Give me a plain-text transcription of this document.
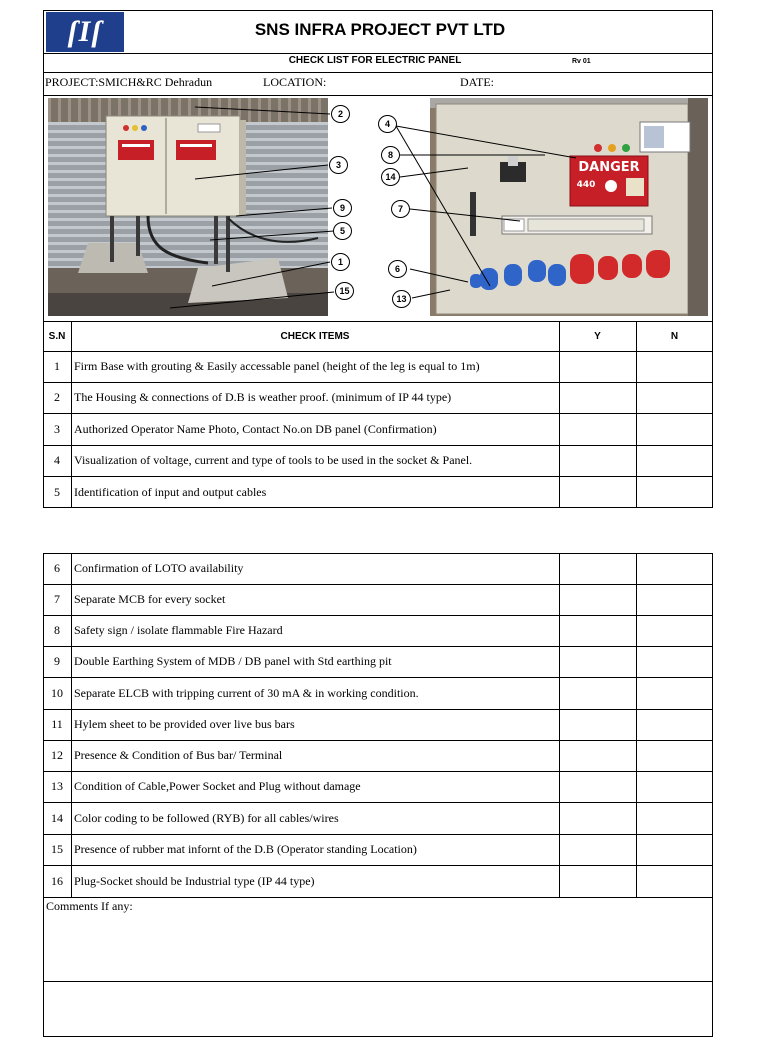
ſIſ	SNS INFRA PROJECT PVT LTD
CHECK LIST FOR ELECTRIC PANEL	Rv 01
PROJECT:SMICH&RC Dehradun	LOCATION:	DATE:
DANGER
440
2
3
9
5
1
15
4
8
14
7
6
13
S.N	CHECK ITEMS	Y	N
1	Firm Base with grouting & Easily accessable panel (height of the leg is equal to 1m)
2	The Housing & connections of D.B is weather proof. (minimum of IP 44 type)
3	Authorized Operator Name Photo, Contact No.on DB panel (Confirmation)
4	Visualization of voltage, current and type of tools to be used in the socket & Panel.
5	Identification of input and output cables
6	Confirmation of LOTO availability
7	Separate MCB for every socket
8	Safety sign / isolate flammable Fire Hazard
9	Double Earthing System of MDB / DB panel with Std earthing pit
10 Separate ELCB with tripping current of 30 mA & in working condition.
11 Hylem sheet to be provided over live bus bars
12 Presence & Condition of Bus bar/ Terminal
13 Condition of Cable,Power Socket and Plug without damage
14 Color coding to be followed (RYB) for all cables/wires
15 Presence of rubber mat infornt of the D.B (Operator standing Location)
16 Plug-Socket should be Industrial type (IP 44 type)
Comments If any:
